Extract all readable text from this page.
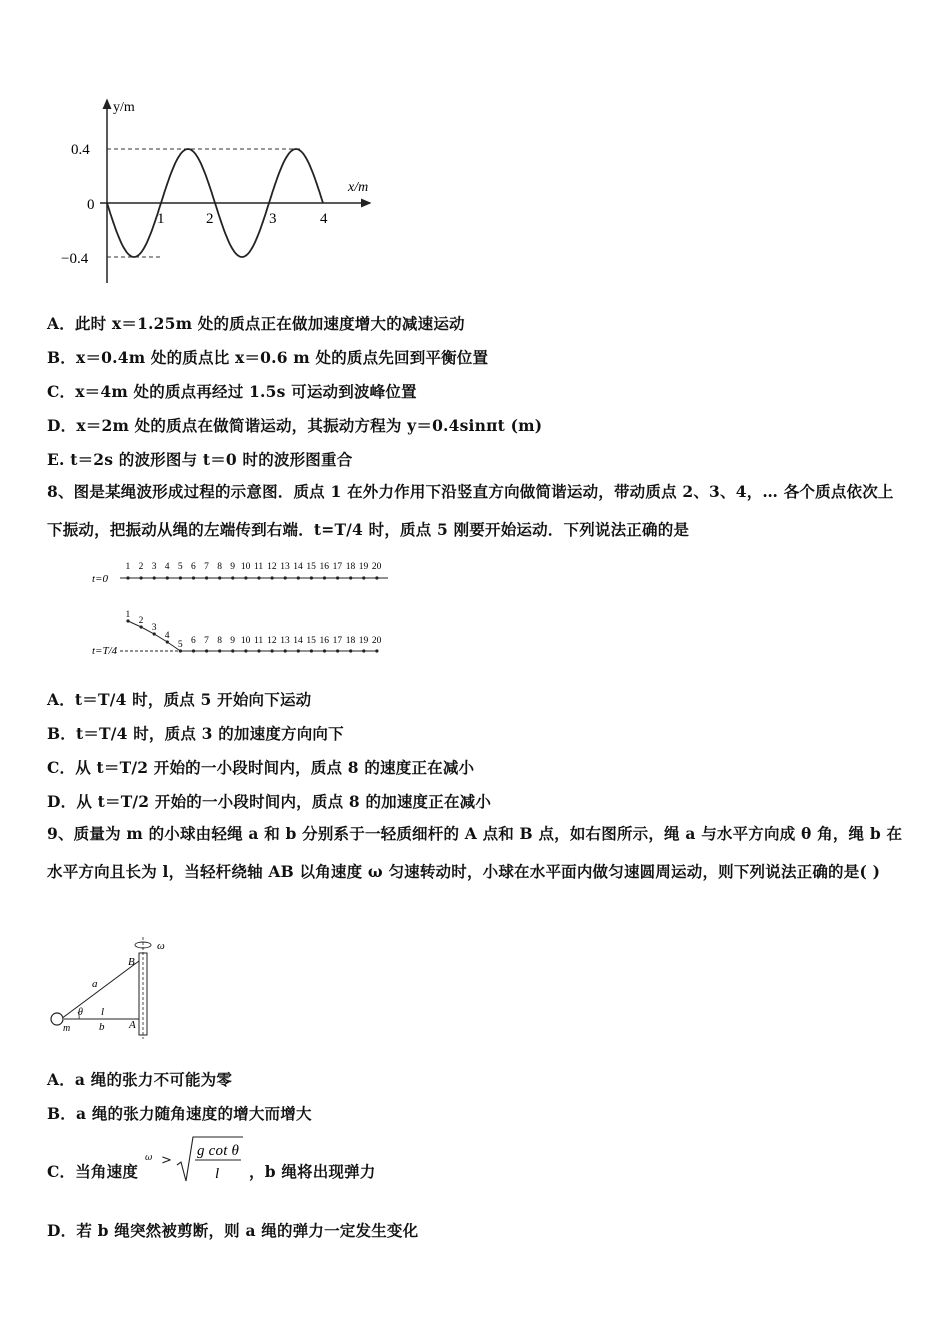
y/m
x/m
0.4
0
−0.4
1	2	3	4
A．此时 x＝1.25m 处的质点正在做加速度增大的减速运动
B．x＝0.4m 处的质点比 x＝0.6 m 处的质点先回到平衡位置
C．x＝4m 处的质点再经过 1.5s 可运动到波峰位置
D．x＝2m 处的质点在做简谐运动，其振动方程为 y＝0.4sinπt (m)
E. t＝2s 的波形图与 t＝0 时的波形图重合
8、图是某绳波形成过程的示意图．质点 1 在外力作用下沿竖直方向做简谐运动，带动质点 2、3、4，… 各个质点依次上下振动，把振动从绳的左端传到右端．t=T/4 时，质点 5 刚要开始运动．下列说法正确的是
1 2 3 4 5 6 7 8 9 10 11 12 13 14 15 16 17 18 19 20
1
2
3
4
5 6 7 8 9 10 11 12 13 14 15 16 17 18 19 20
t=0
t=T/4
A．t＝T/4 时，质点 5 开始向下运动
B．t＝T/4 时，质点 3 的加速度方向向下
C．从 t＝T/2 开始的一小段时间内，质点 8 的速度正在减小
D．从 t＝T/2 开始的一小段时间内，质点 8 的加速度正在减小
9、质量为 m 的小球由轻绳 a 和 b 分别系于一轻质细杆的 A 点和 B 点，如右图所示，绳 a 与水平方向成 θ 角，绳 b 在水平方向且长为 l，当轻杆绕轴 AB 以角速度 ω 匀速转动时，小球在水平面内做匀速圆周运动，则下列说法正确的是( )
ω
B
A
a
l
b
θ
m
A．a 绳的张力不可能为零
B．a 绳的张力随角速度的增大而增大
C．当角速度
ω >
g cot θ
l ，b 绳将出现弹力
D．若 b 绳突然被剪断，则 a 绳的弹力一定发生变化
